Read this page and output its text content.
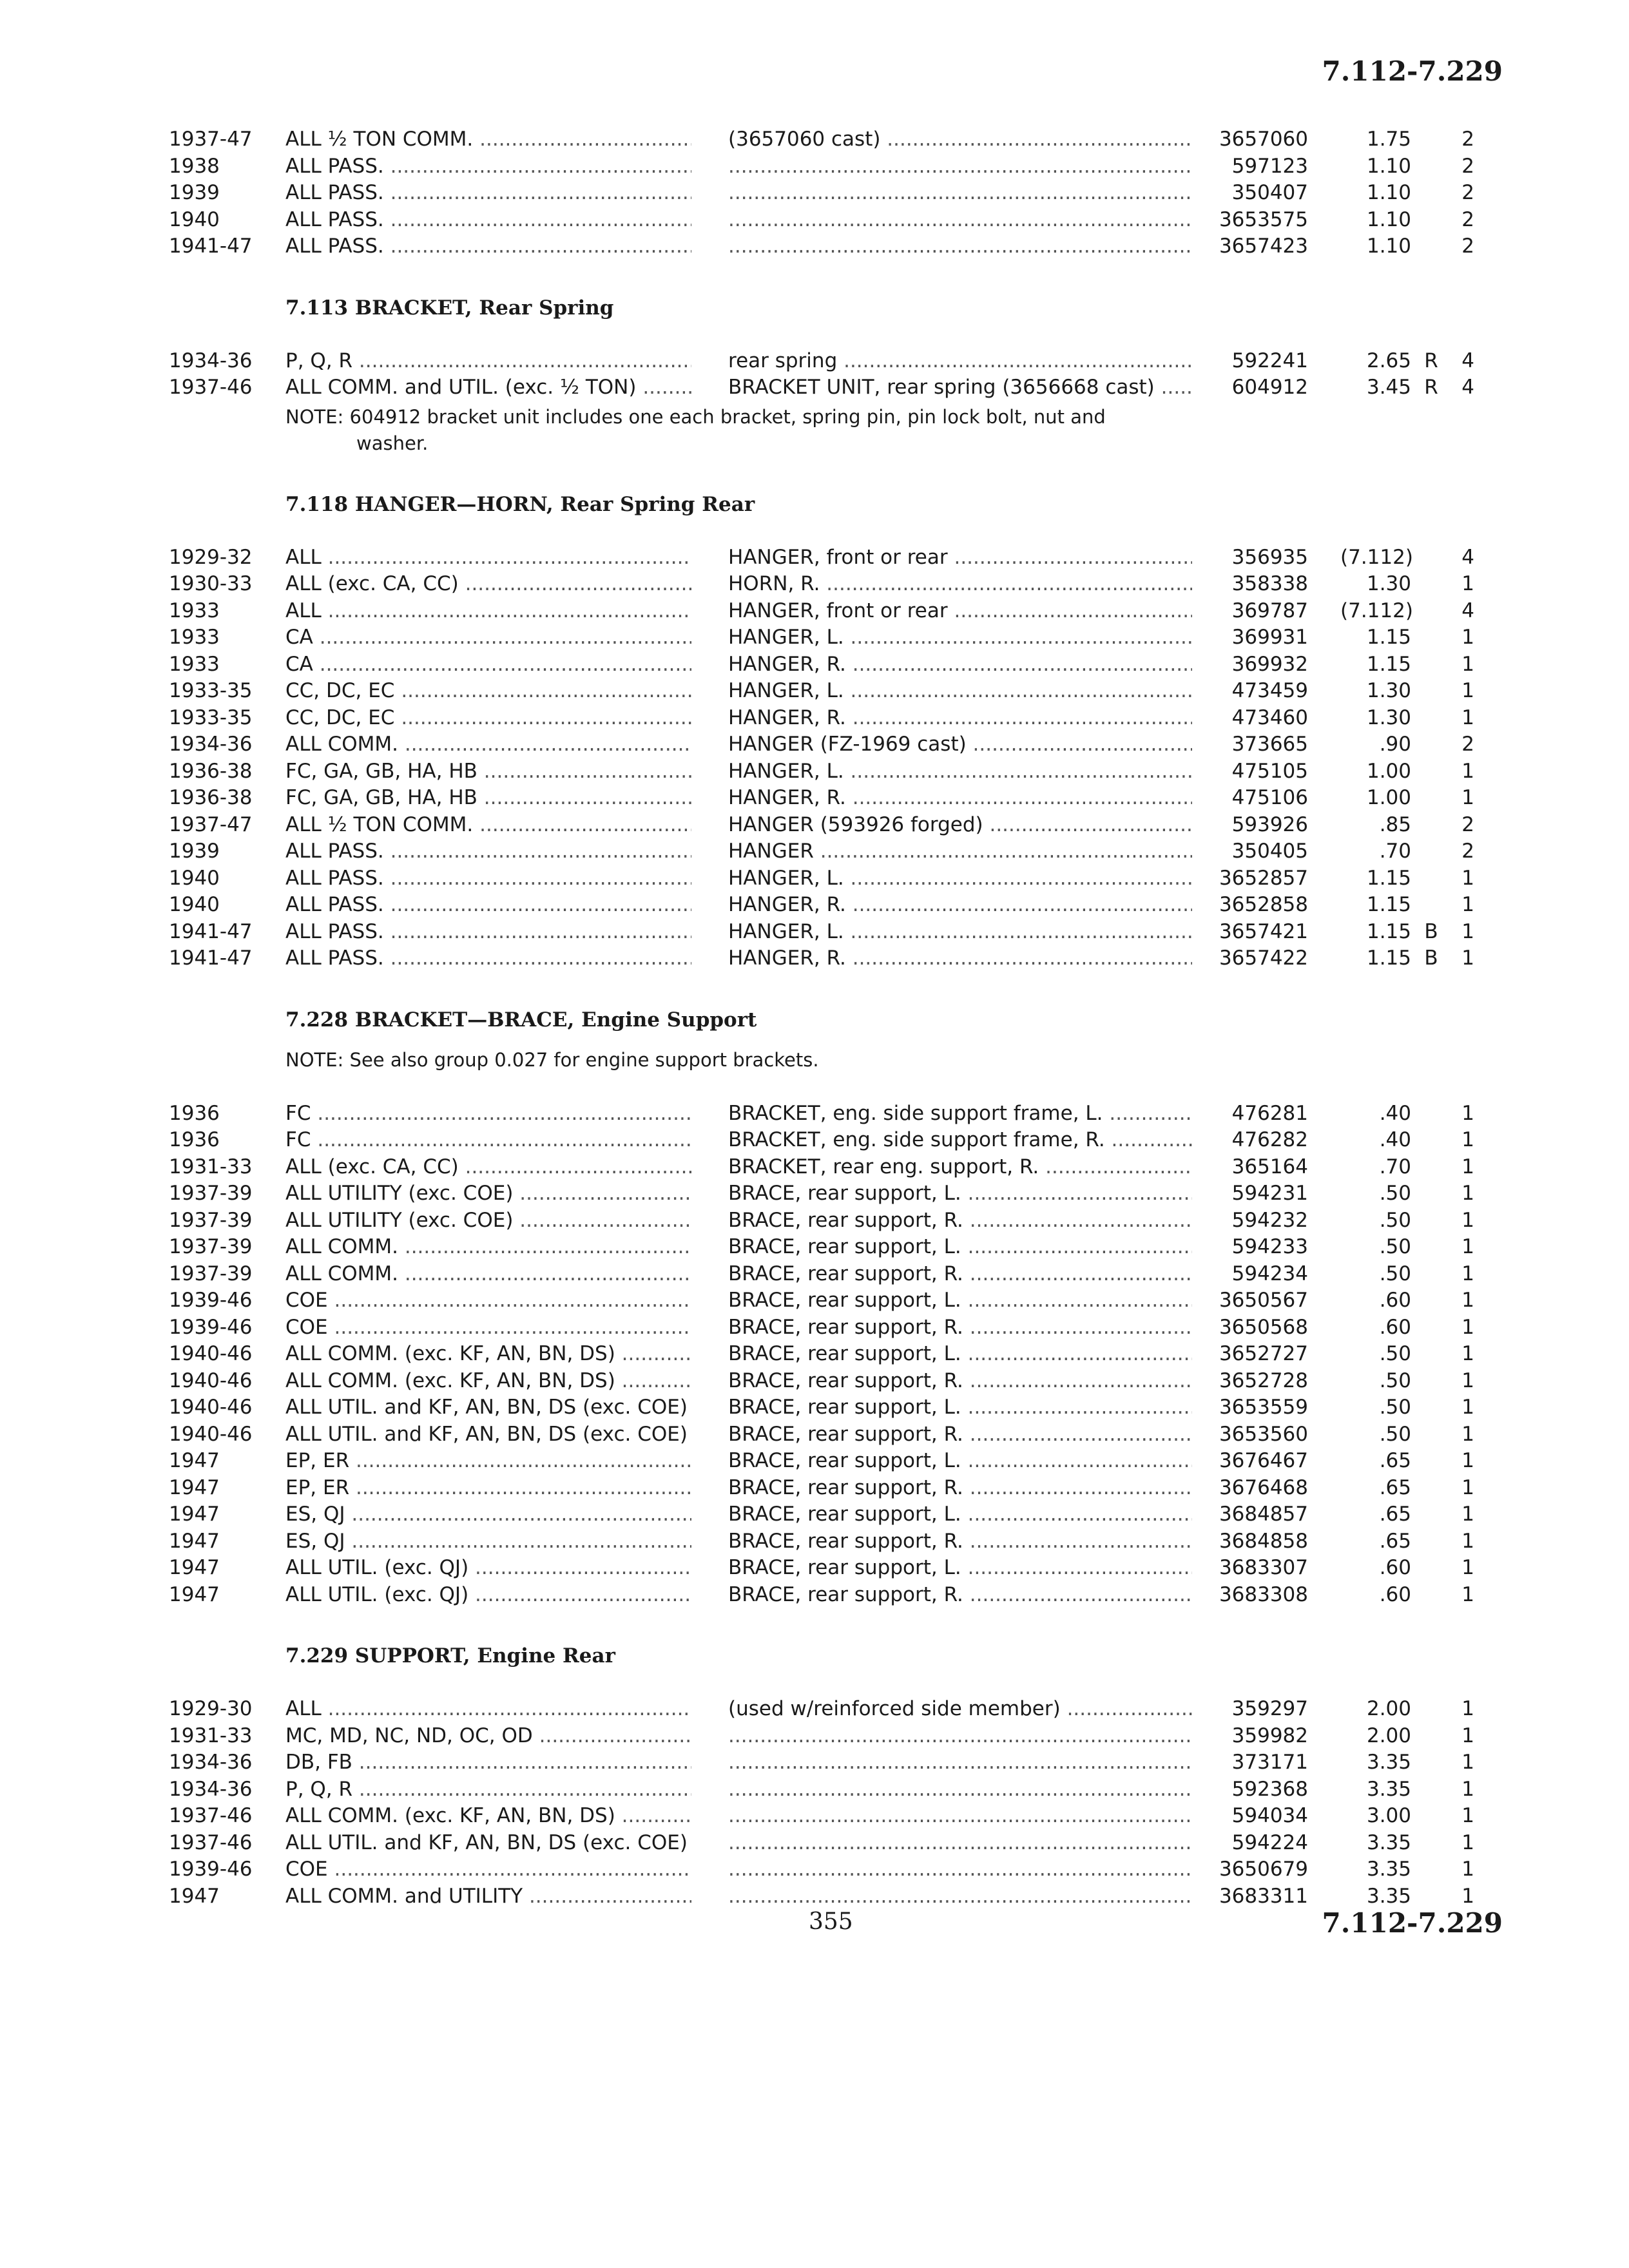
7.112-7.229
1937-47 ALL ½ TON COMM. .....	(3657060 cast) .....	3657060	1.75	2
1938	ALL PASS. ..... .....	597123	1.10	2
1939	ALL PASS. ..... .....	350407	1.10	2
1940	ALL PASS. ..... .....	3653575	1.10	2
1941-47 ALL PASS. ..... .....	3657423	1.10	2
7.113 BRACKET, Rear Spring
1934-36 P, Q, R .....	rear spring .....	592241	2.65 R	4
1937-46 ALL COMM. and UTIL. (exc. ½ TON) .....	BRACKET UNIT, rear spring (3656668 cast) .....	604912	3.45 R	4
NOTE: 604912 bracket unit includes one each bracket, spring pin, pin lock bolt, nut and
washer.
7.118 HANGER—HORN, Rear Spring Rear
1929-32 ALL .....	HANGER, front or rear .....	356935 (7.112)	4
1930-33 ALL (exc. CA, CC) .....	HORN, R. .....	358338	1.30	1
1933	ALL .....	HANGER, front or rear .....	369787 (7.112)	4
1933	CA .....	HANGER, L. .....	369931	1.15	1
1933	CA .....	HANGER, R. .....	369932	1.15	1
1933-35 CC, DC, EC .....	HANGER, L. .....	473459	1.30	1
1933-35 CC, DC, EC .....	HANGER, R. .....	473460	1.30	1
1934-36 ALL COMM. .....	HANGER (FZ-1969 cast) .....	373665	.90	2
1936-38 FC, GA, GB, HA, HB .....	HANGER, L. .....	475105	1.00	1
1936-38 FC, GA, GB, HA, HB .....	HANGER, R. .....	475106	1.00	1
1937-47 ALL ½ TON COMM. .....	HANGER (593926 forged) .....	593926	.85	2
1939	ALL PASS. .....	HANGER .....	350405	.70	2
1940	ALL PASS. .....	HANGER, L. .....	3652857	1.15	1
1940	ALL PASS. .....	HANGER, R. .....	3652858	1.15	1
1941-47 ALL PASS. .....	HANGER, L. .....	3657421	1.15 B	1
1941-47 ALL PASS. .....	HANGER, R. .....	3657422	1.15 B	1
7.228 BRACKET—BRACE, Engine Support
NOTE: See also group 0.027 for engine support brackets.
1936	FC .....	BRACKET, eng. side support frame, L. .....	476281	.40	1
1936	FC .....	BRACKET, eng. side support frame, R. .....	476282	.40	1
1931-33 ALL (exc. CA, CC) .....	BRACKET, rear eng. support, R. .....	365164	.70	1
1937-39 ALL UTILITY (exc. COE) .....	BRACE, rear support, L. .....	594231	.50	1
1937-39 ALL UTILITY (exc. COE) .....	BRACE, rear support, R. .....	594232	.50	1
1937-39 ALL COMM. .....	BRACE, rear support, L. .....	594233	.50	1
1937-39 ALL COMM. .....	BRACE, rear support, R. .....	594234	.50	1
1939-46 COE .....	BRACE, rear support, L. .....	3650567	.60	1
1939-46 COE .....	BRACE, rear support, R. .....	3650568	.60	1
1940-46 ALL COMM. (exc. KF, AN, BN, DS) .....	BRACE, rear support, L. .....	3652727	.50	1
1940-46 ALL COMM. (exc. KF, AN, BN, DS) .....	BRACE, rear support, R. .....	3652728	.50	1
1940-46 ALL UTIL. and KF, AN, BN, DS (exc. COE) ..... BRACE, rear support, L. .....	3653559	.50	1
1940-46 ALL UTIL. and KF, AN, BN, DS (exc. COE) ..... BRACE, rear support, R. .....	3653560	.50	1
1947	EP, ER .....	BRACE, rear support, L. .....	3676467	.65	1
1947	EP, ER .....	BRACE, rear support, R. .....	3676468	.65	1
1947	ES, QJ .....	BRACE, rear support, L. .....	3684857	.65	1
1947	ES, QJ .....	BRACE, rear support, R. .....	3684858	.65	1
1947	ALL UTIL. (exc. QJ) .....	BRACE, rear support, L. .....	3683307	.60	1
1947	ALL UTIL. (exc. QJ) .....	BRACE, rear support, R. .....	3683308	.60	1
7.229 SUPPORT, Engine Rear
1929-30 ALL .....	(used w/reinforced side member) .....	359297	2.00	1
1931-33 MC, MD, NC, ND, OC, OD ..... .....	359982	2.00	1
1934-36 DB, FB ..... .....	373171	3.35	1
1934-36 P, Q, R ..... .....	592368	3.35	1
1937-46 ALL COMM. (exc. KF, AN, BN, DS) ..... .....	594034	3.00	1
1937-46 ALL UTIL. and KF, AN, BN, DS (exc. COE) ..... .....	594224	3.35	1
1939-46 COE ..... .....	3650679	3.35	1
1947	ALL COMM. and UTILITY ..... .....	3683311	3.35	1
355	7.112-7.229
